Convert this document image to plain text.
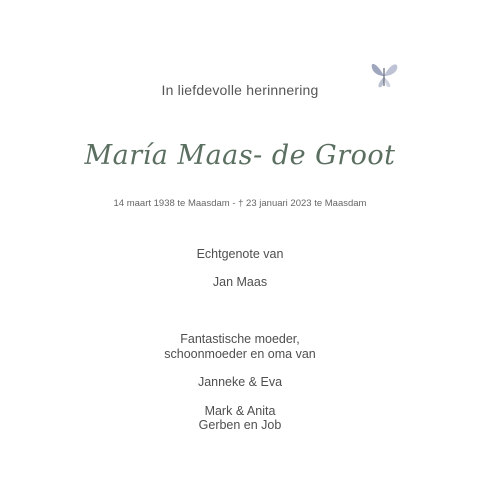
In liefdevolle herinnering
María Maas- de Groot
14 maart 1938 te Maasdam - † 23 januari 2023 te Maasdam
Echtgenote van
Jan Maas
Fantastische moeder,
schoonmoeder en oma van
Janneke & Eva
Mark & Anita
Gerben en Job
